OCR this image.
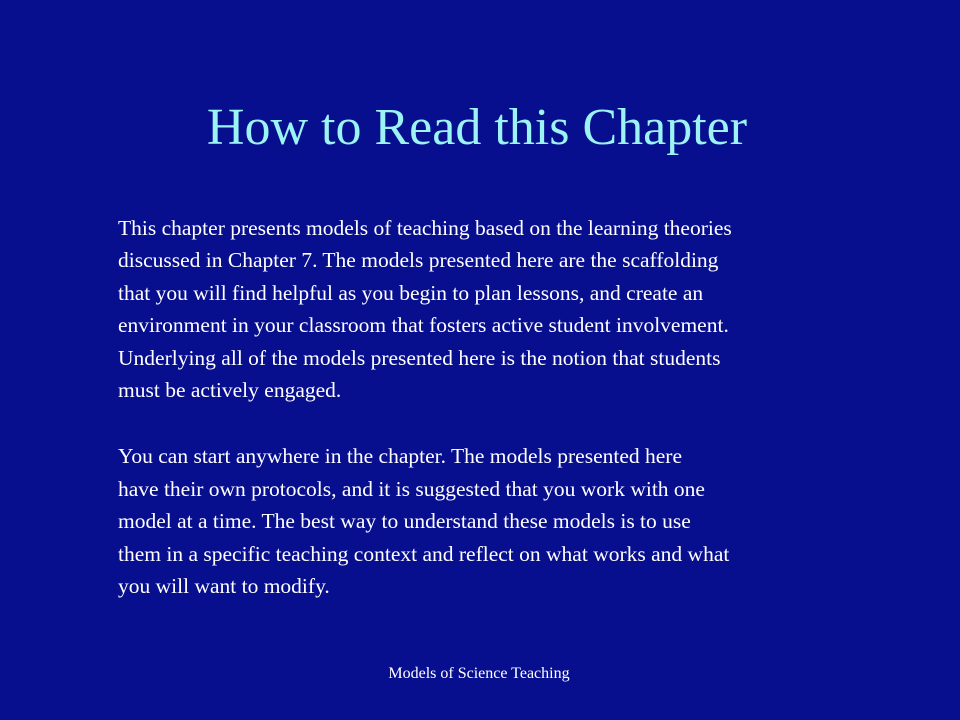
How to Read this Chapter

This chapter presents models of teaching based on the learning theories
discussed in Chapter 7. The models presented here are the scaffolding
that you will find helpful as you begin to plan lessons, and create an
environment in your classroom that fosters active student involvement.
Underlying all of the models presented here is the notion that students
must be actively engaged.

You can start anywhere in the chapter. The models presented here
have their own protocols, and it is suggested that you work with one
model at a time. The best way to understand these models is to use
them in a specific teaching context and reflect on what works and what
you will want to modify.

Models of Science Teaching
